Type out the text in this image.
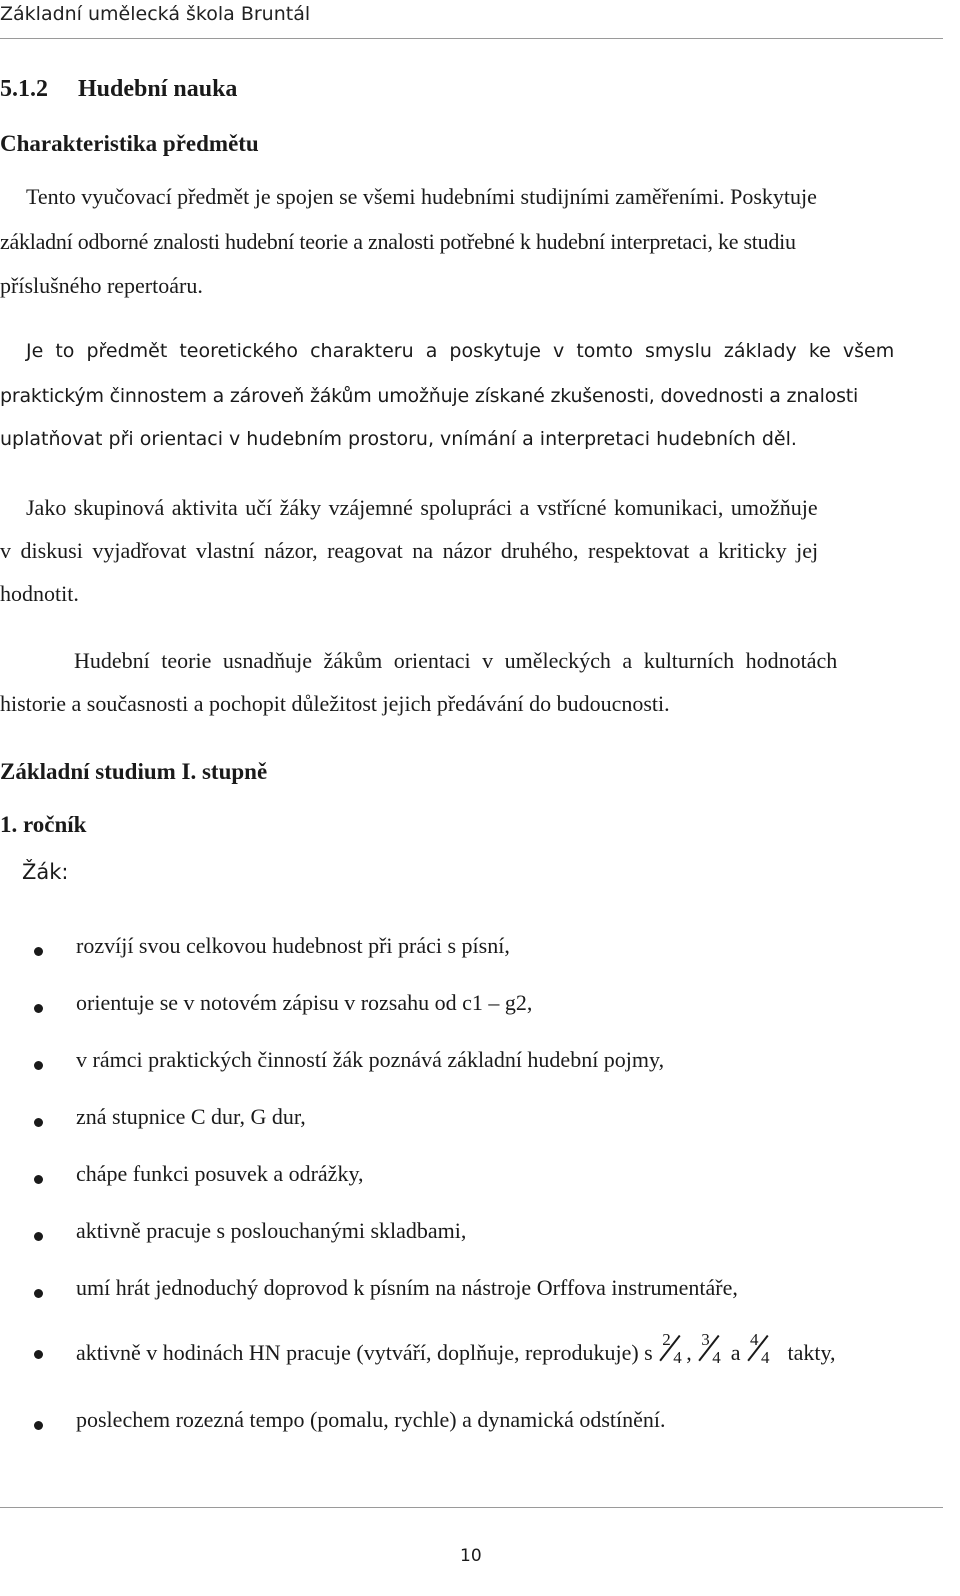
Základní umělecká škola Bruntál
5.1.2 Hudební nauka
Charakteristika předmětu
Tento vyučovací předmět je spojen se všemi hudebními studijními zaměřeními. Poskytuje
základní odborné znalosti hudební teorie a znalosti potřebné k hudební interpretaci, ke studiu
příslušného repertoáru.
Je to předmět teoretického charakteru a poskytuje v tomto smyslu základy ke všem
praktickým činnostem a zároveň žákům umožňuje získané zkušenosti, dovednosti a znalosti
uplatňovat při orientaci v hudebním prostoru, vnímání a interpretaci hudebních děl.
Jako skupinová aktivita učí žáky vzájemné spolupráci a vstřícné komunikaci, umožňuje
v diskusi vyjadřovat vlastní názor, reagovat na názor druhého, respektovat a kriticky jej
hodnotit.
Hudební teorie usnadňuje žákům orientaci v uměleckých a kulturních hodnotách
historie a současnosti a pochopit důležitost jejich předávání do budoucnosti.
Základní studium I. stupně
1. ročník
Žák:
rozvíjí svou celkovou hudebnost při práci s písní,
orientuje se v notovém zápisu v rozsahu od c1 – g2,
v rámci praktických činností žák poznává základní hudební pojmy,
zná stupnice C dur, G dur,
chápe funkci posuvek a odrážky,
aktivně pracuje s poslouchanými skladbami,
umí hrát jednoduchý doprovod k písním na nástroje Orffova instrumentáře,
aktivně v hodinách HN pracuje (vytváří, doplňuje, reprodukuje) s
2
4 ,
3
4 a
4
4 takty,
poslechem rozezná tempo (pomalu, rychle) a dynamická odstínění.
10
